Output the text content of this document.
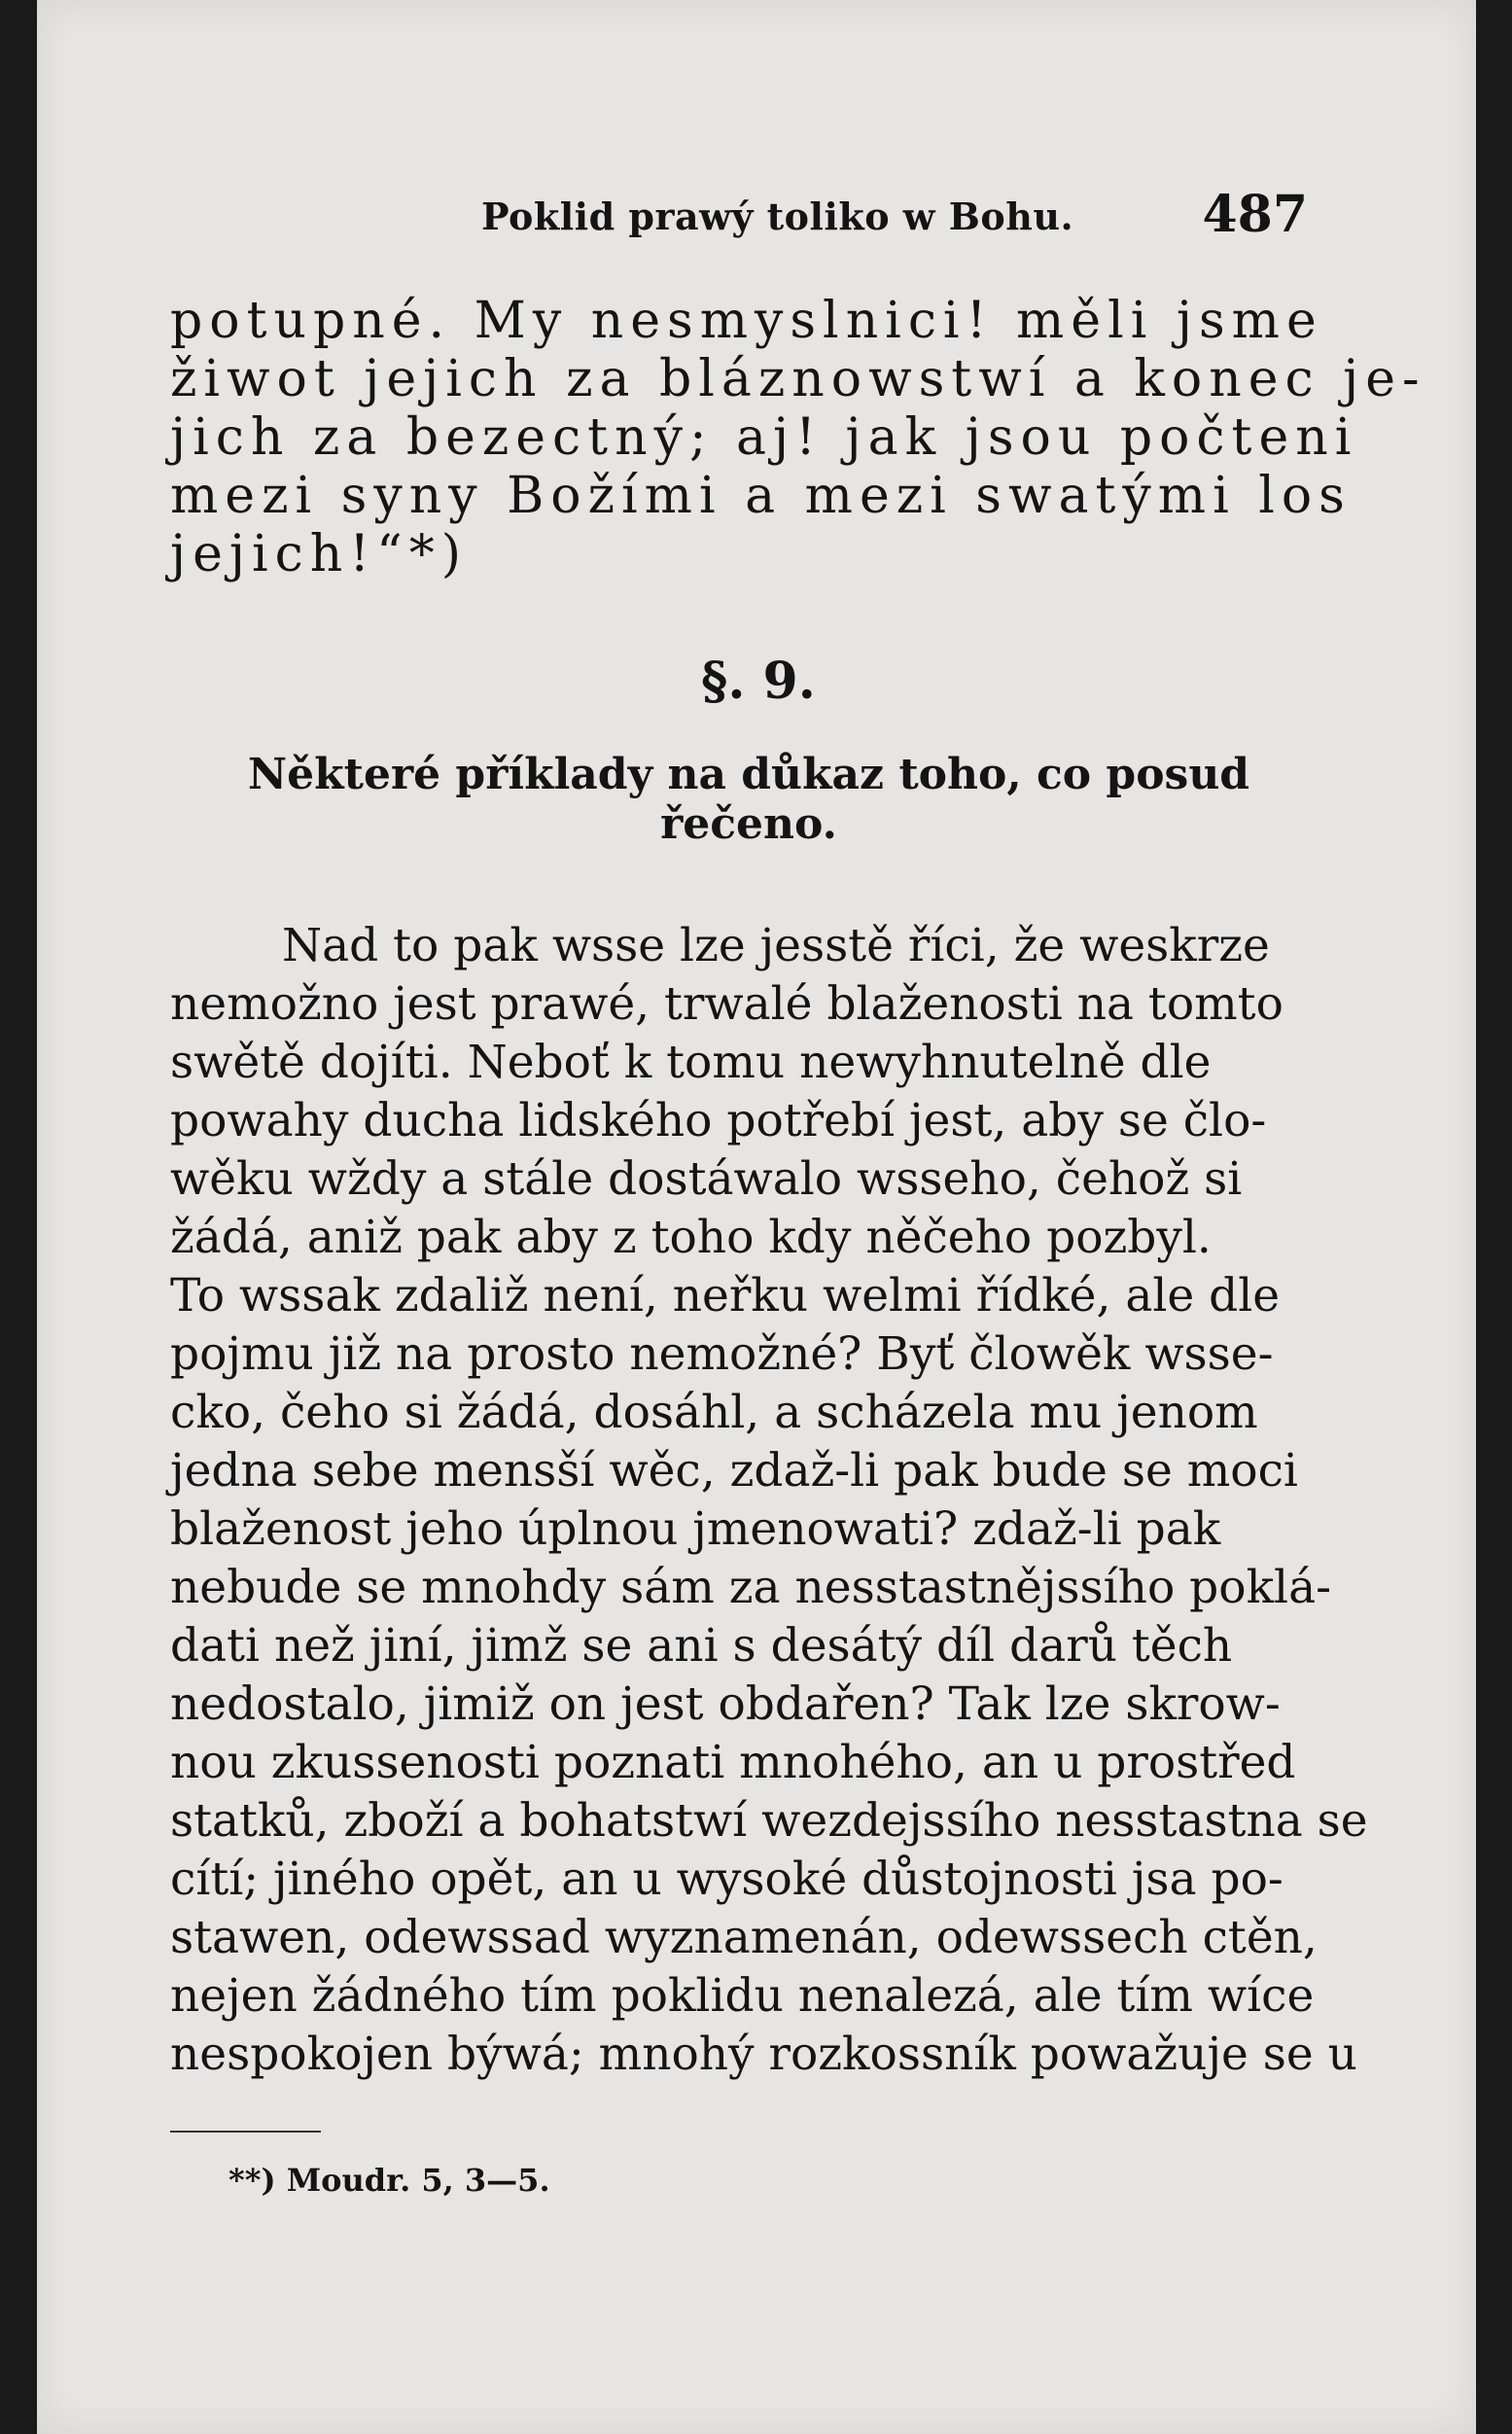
Poklid prawý toliko w Bohu.	487
potupné. My nesmyslnici! měli jsme
žiwot jejich za bláznowstwí a konec je-
jich za bezectný; aj! jak jsou počteni
mezi syny Božími a mezi swatými los
jejich!“*)
§. 9.
Některé příklady na důkaz toho, co posud řečeno.
Nad to pak wsse lze jesstě říci, že weskrze
nemožno jest prawé, trwalé blaženosti na tomto
swětě dojíti. Neboť k tomu newyhnutelně dle
powahy ducha lidského potřebí jest, aby se člo-
wěku wždy a stále dostáwalo wsseho, čehož si
žádá, aniž pak aby z toho kdy něčeho pozbyl.
To wssak zdaliž není, neřku welmi řídké, ale dle
pojmu již na prosto nemožné? Byť člowěk wsse-
cko, čeho si žádá, dosáhl, a scházela mu jenom
jedna sebe mensší wěc, zdaž-li pak bude se moci
blaženost jeho úplnou jmenowati? zdaž-li pak
nebude se mnohdy sám za nesstastnějssího poklá-
dati než jiní, jimž se ani s desátý díl darů těch
nedostalo, jimiž on jest obdařen? Tak lze skrow-
nou zkussenosti poznati mnohého, an u prostřed
statků, zboží a bohatstwí wezdejssího nesstastna se
cítí; jiného opět, an u wysoké důstojnosti jsa po-
stawen, odewssad wyznamenán, odewssech ctěn,
nejen žádného tím poklidu nenalezá, ale tím wíce
nespokojen býwá; mnohý rozkossník powažuje se u
**) Moudr. 5, 3—5.
